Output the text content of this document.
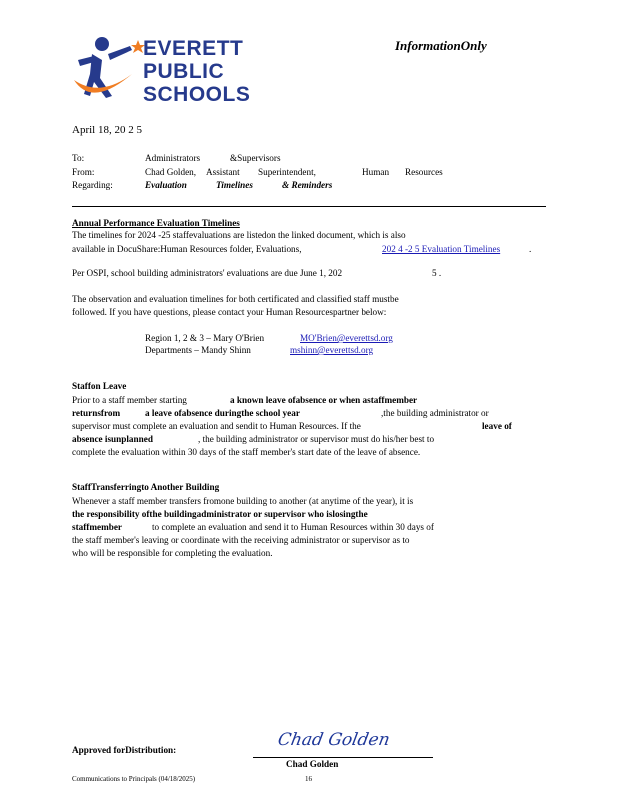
EVERETT
PUBLIC
SCHOOLS
InformationOnly
April 18, 20 2 5
To:	Administrators	&Supervisors
From:	Chad Golden, Assistant Superintendent,	Human Resources
Regarding:	Evaluation	Timelines	& Reminders
Annual Performance Evaluation Timelines
The timelines for 2024 -25 staffevaluations are listedon the linked document, which is also
available in DocuShare:Human Resources folder, Evaluations,	202 4 -2 5 Evaluation Timelines	.
Per OSPI, school building administrators' evaluations are due June 1, 202	5 .
The observation and evaluation timelines for both certificated and classified staff mustbe
followed. If you have questions, please contact your Human Resourcespartner below:
Region 1, 2 & 3 – Mary O'Brien	MO'Brien@everettsd.org
Departments – Mandy Shinn	mshinn@everettsd.org
Staffon Leave
Prior to a staff member starting	a known leave ofabsence or when astaffmember
returnsfrom	a leave ofabsence duringthe school year	,the building administrator or
supervisor must complete an evaluation and sendit to Human Resources. If the	leave of
absence isunplanned	, the building administrator or supervisor must do his/her best to
complete the evaluation within 30 days of the staff member's start date of the leave of absence.
StaffTransferringto Another Building
Whenever a staff member transfers fromone building to another (at anytime of the year), it is
the responsibility ofthe buildingadministrator or supervisor who islosingthe
staffmember	to complete an evaluation and send it to Human Resources within 30 days of
the staff member's leaving or coordinate with the receiving administrator or supervisor as to
who will be responsible for completing the evaluation.
Approved forDistribution:	Chad Golden
Chad Golden
Communications to Principals (04/18/2025)	16
